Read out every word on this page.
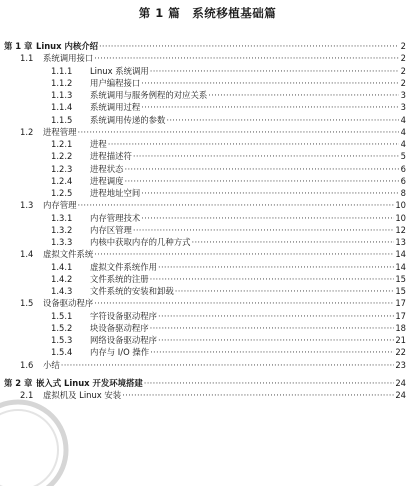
第 1 篇　系统移植基础篇
第 1 章 Linux 内核介绍 ·····	2
1.1 系统调用接口 ·····	2
1.1.1 Linux 系统调用 ·····	2
1.1.2 用户编程接口 ·····	2
1.1.3 系统调用与服务例程的对应关系 ·····	3
1.1.4 系统调用过程 ·····	3
1.1.5 系统调用传递的参数 ·····	4
1.2 进程管理 ·····	4
1.2.1 进程 ·····	4
1.2.2 进程描述符 ·····	5
1.2.3 进程状态 ·····	6
1.2.4 进程调度 ·····	6
1.2.5 进程地址空间 ·····	8
1.3 内存管理 ·····	10
1.3.1 内存管理技术 ·····	10
1.3.2 内存区管理 ·····	12
1.3.3 内核中获取内存的几种方式 ·····	13
1.4 虚拟文件系统 ·····	14
1.4.1 虚拟文件系统作用 ·····	14
1.4.2 文件系统的注册 ·····	15
1.4.3 文件系统的安装和卸载 ·····	15
1.5 设备驱动程序 ·····	17
1.5.1 字符设备驱动程序 ·····	17
1.5.2 块设备驱动程序 ·····	18
1.5.3 网络设备驱动程序 ·····	21
1.5.4 内存与 I/O 操作 ·····	22
1.6 小结 ·····	23
第 2 章 嵌入式 Linux 开发环境搭建 ·····	24
2.1 虚拟机及 Linux 安装 ·····	24
